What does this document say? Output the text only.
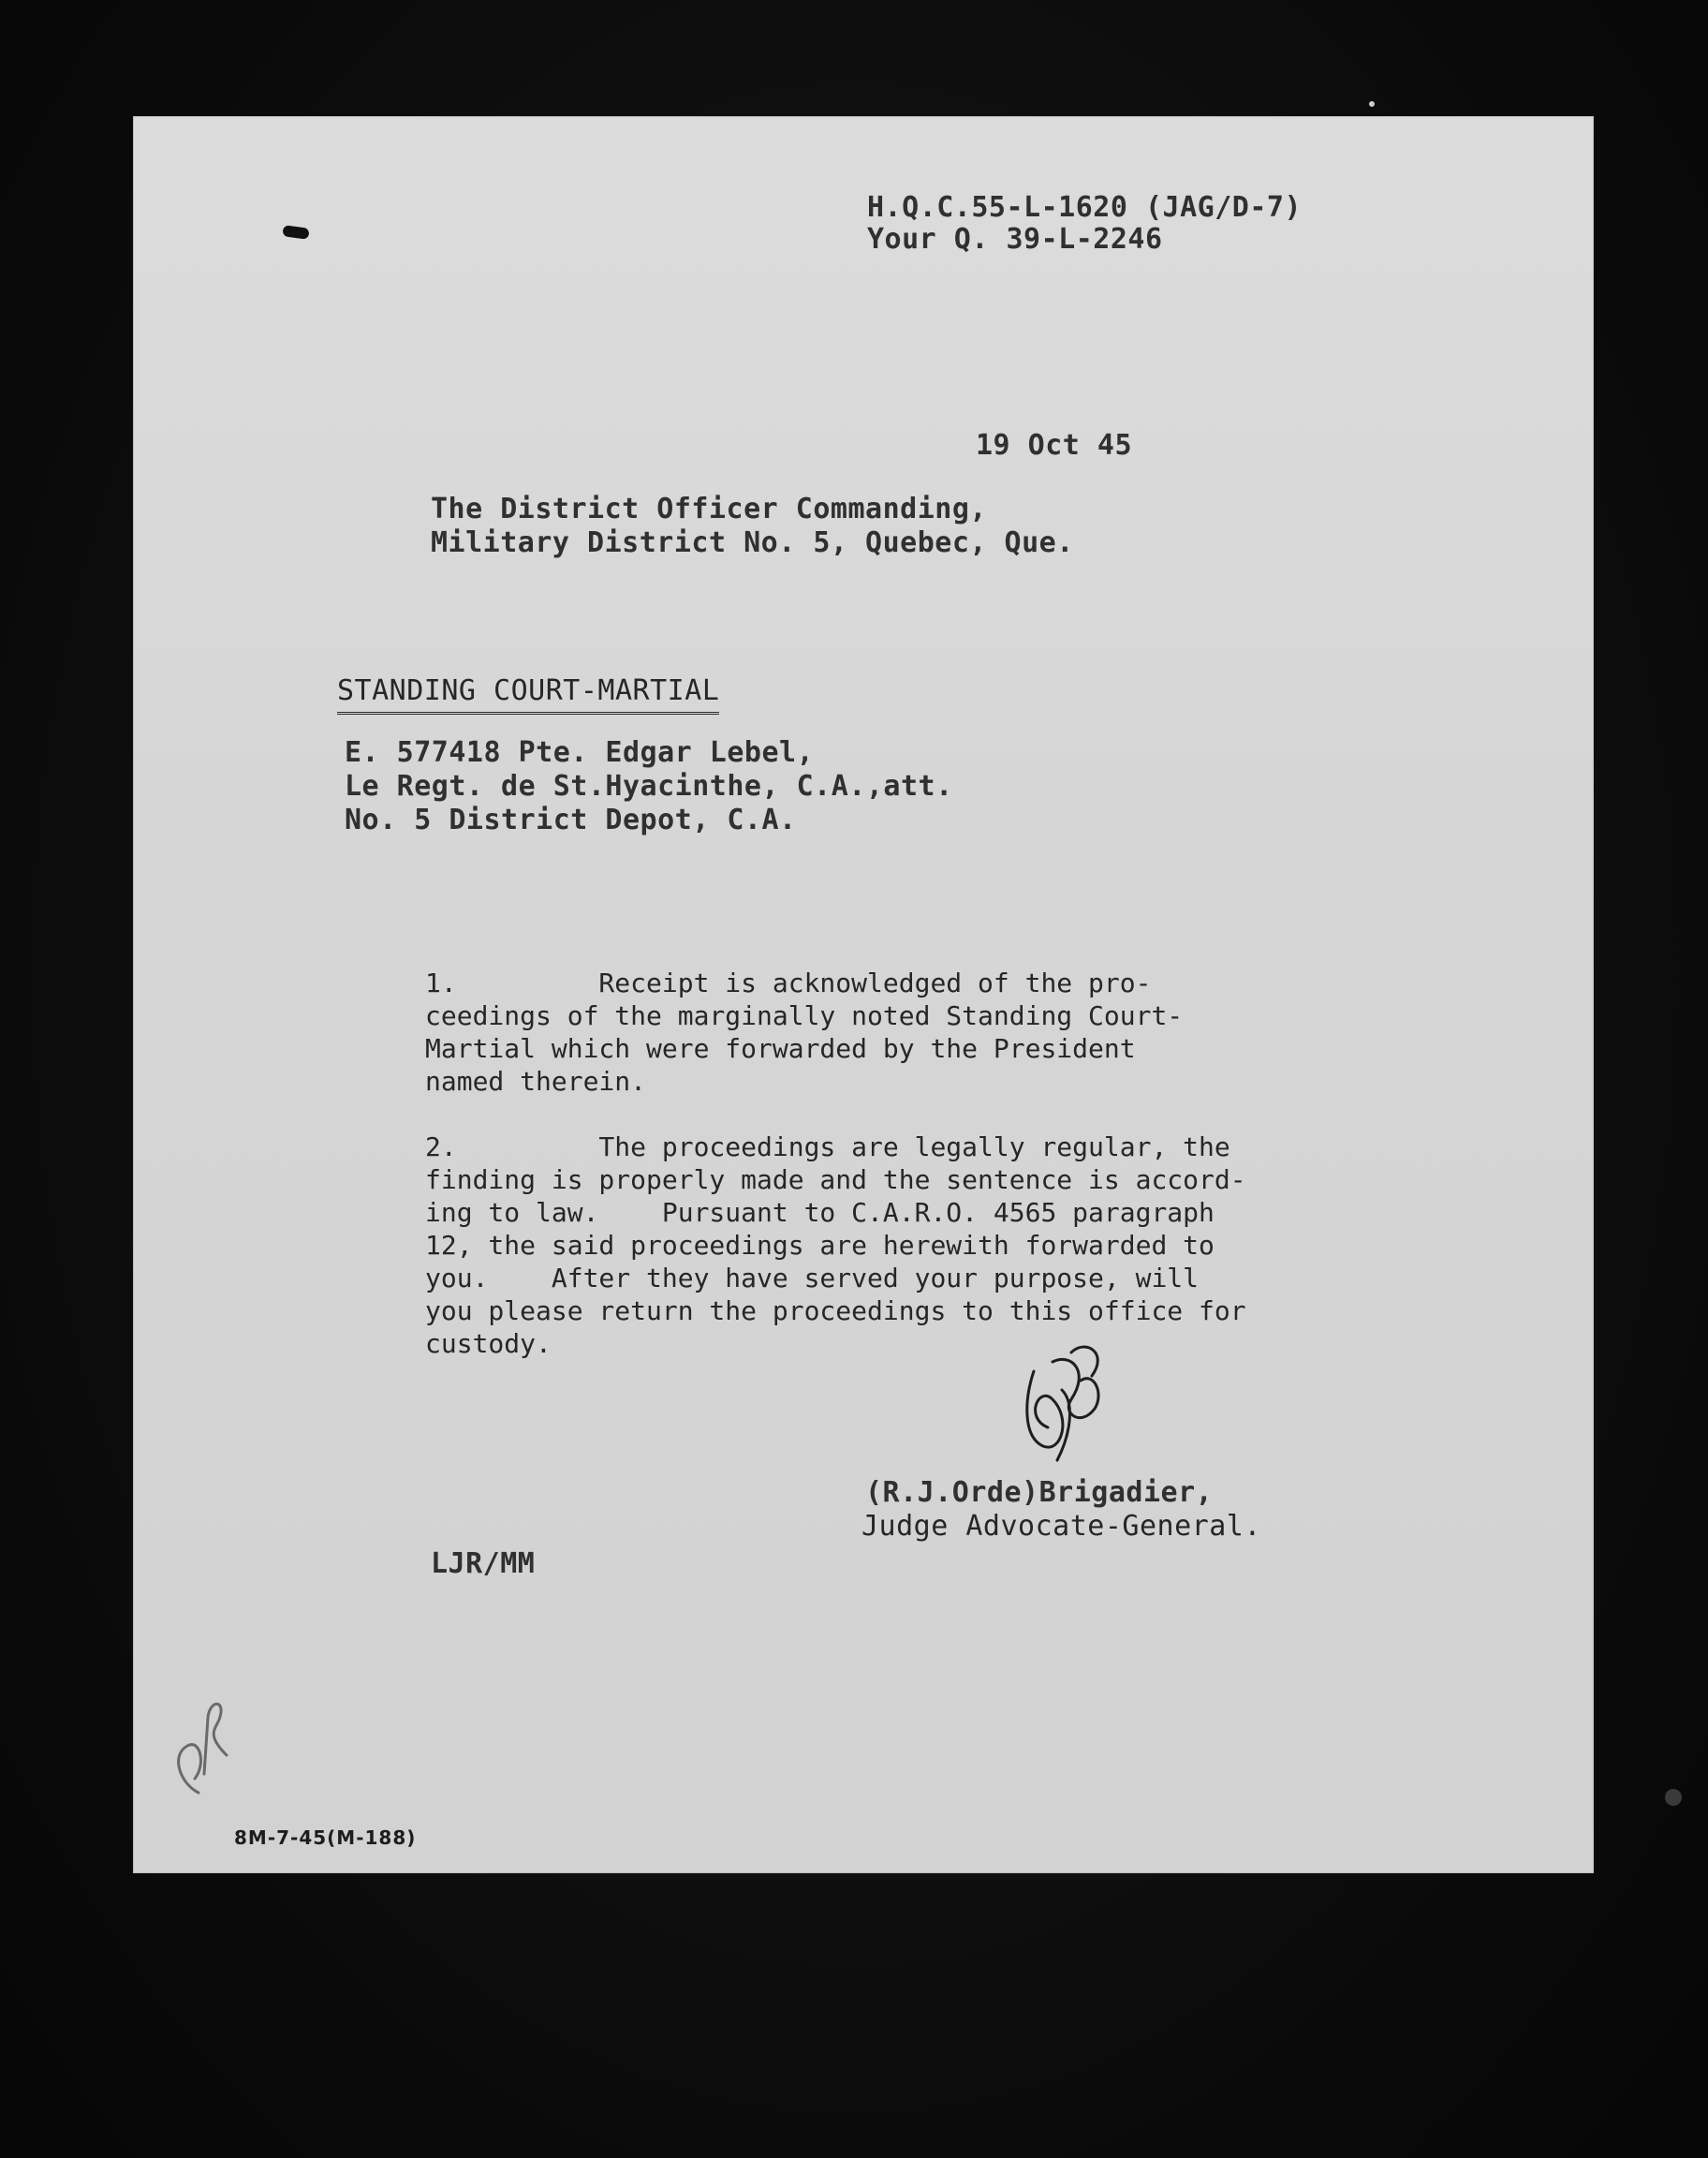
H.Q.C.55-L-1620 (JAG/D-7)
Your Q. 39-L-2246
19 Oct 45
The District Officer Commanding,
Military District No. 5, Quebec, Que.
STANDING COURT-MARTIAL
E. 577418 Pte. Edgar Lebel,
Le Regt. de St.Hyacinthe, C.A.,att.
No. 5 District Depot, C.A.
1.         Receipt is acknowledged of the pro-
ceedings of the marginally noted Standing Court-
Martial which were forwarded by the President
named therein.
2.         The proceedings are legally regular, the
finding is properly made and the sentence is accord-
ing to law.    Pursuant to C.A.R.O. 4565 paragraph
12, the said proceedings are herewith forwarded to
you.    After they have served your purpose, will
you please return the proceedings to this office for
custody.
(R.J.Orde)Brigadier,
Judge Advocate-General.
LJR/MM
8M-7-45(M-188)
